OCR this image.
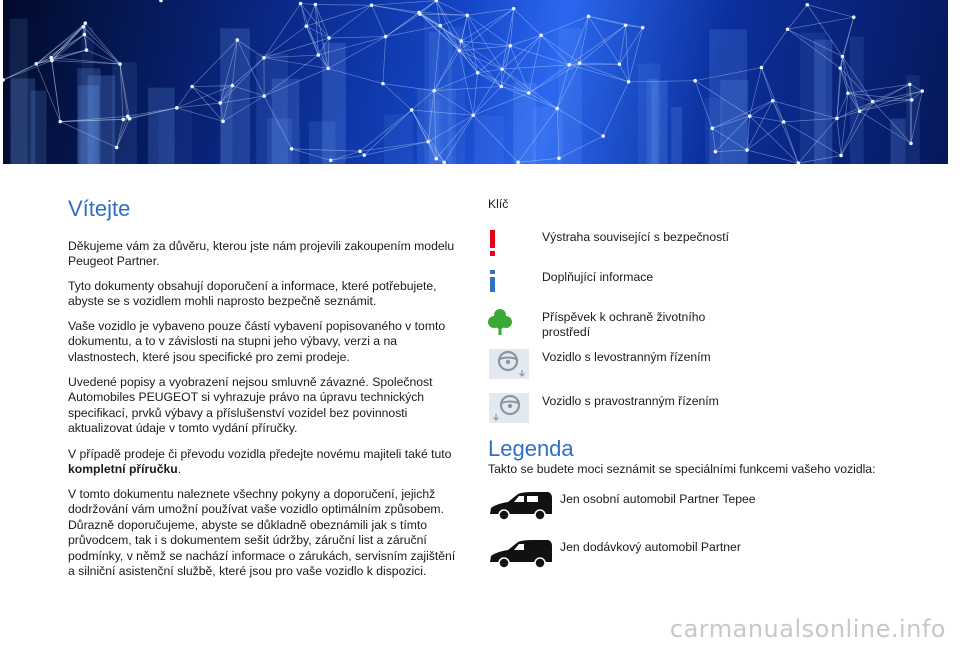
Vítejte

Děkujeme vám za důvěru, kterou jste nám projevili zakoupením modelu Peugeot Partner.

Tyto dokumenty obsahují doporučení a informace, které potřebujete, abyste se s vozidlem mohli naprosto bezpečně seznámit.

Vaše vozidlo je vybaveno pouze částí vybavení popisovaného v tomto dokumentu, a to v závislosti na stupni jeho výbavy, verzi a na vlastnostech, které jsou specifické pro zemi prodeje.

Uvedené popisy a vyobrazení nejsou smluvně závazné. Společnost Automobiles PEUGEOT si vyhrazuje právo na úpravu technických specifikací, prvků výbavy a příslušenství vozidel bez povinnosti aktualizovat údaje v tomto vydání příručky.

V případě prodeje či převodu vozidla předejte novému majiteli také tuto kompletní příručku.

V tomto dokumentu naleznete všechny pokyny a doporučení, jejichž dodržování vám umožní používat vaše vozidlo optimálním způsobem. Důrazně doporučujeme, abyste se důkladně obeznámili jak s tímto průvodcem, tak i s dokumentem sešit údržby, záruční list a záruční podmínky, v němž se nachází informace o zárukách, servisním zajištění a silniční asistenční službě, které jsou pro vaše vozidlo k dispozici.

Klíč
Výstraha související s bezpečností
Doplňující informace
Příspěvek k ochraně životního prostředí
Vozidlo s levostranným řízením
Vozidlo s pravostranným řízením
Legenda
Takto se budete moci seznámit se speciálními funkcemi vašeho vozidla:
Jen osobní automobil Partner Tepee
Jen dodávkový automobil Partner
carmanualsonline.info
